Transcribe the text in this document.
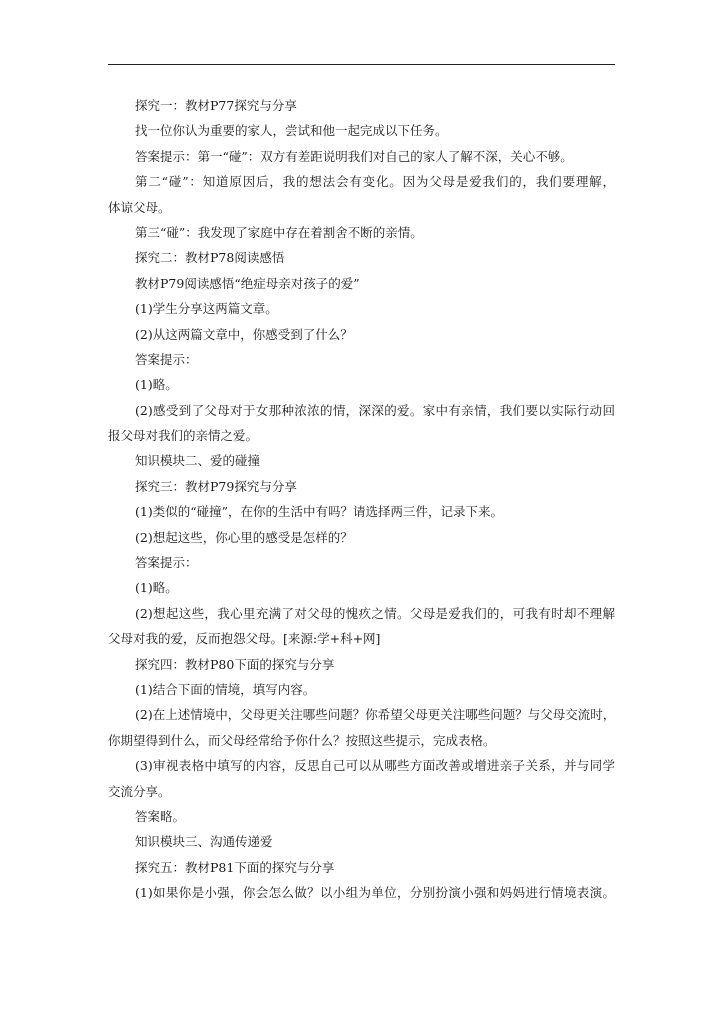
探究一：教材P77探究与分享
找一位你认为重要的家人，尝试和他一起完成以下任务。
答案提示：第一“碰”：双方有差距说明我们对自己的家人了解不深，关心不够。
第二“碰”：知道原因后，我的想法会有变化。因为父母是爱我们的，我们要理解，
体谅父母。
第三“碰”：我发现了家庭中存在着割舍不断的亲情。
探究二：教材P78阅读感悟
教材P79阅读感悟“绝症母亲对孩子的爱”
(1)学生分享这两篇文章。
(2)从这两篇文章中，你感受到了什么？
答案提示：
(1)略。
(2)感受到了父母对于女那种浓浓的情，深深的爱。家中有亲情，我们要以实际行动回
报父母对我们的亲情之爱。
知识模块二、爱的碰撞
探究三：教材P79探究与分享
(1)类似的“碰撞”，在你的生活中有吗？请选择两三件，记录下来。
(2)想起这些，你心里的感受是怎样的？
答案提示：
(1)略。
(2)想起这些，我心里充满了对父母的愧疚之情。父母是爱我们的，可我有时却不理解
父母对我的爱，反而抱怨父母。[来源:学+科+网]
探究四：教材P80下面的探究与分享
(1)结合下面的情境，填写内容。
(2)在上述情境中，父母更关注哪些问题？你希望父母更关注哪些问题？与父母交流时，
你期望得到什么，而父母经常给予你什么？按照这些提示，完成表格。
(3)审视表格中填写的内容，反思自己可以从哪些方面改善或增进亲子关系，并与同学
交流分享。
答案略。
知识模块三、沟通传递爱
探究五：教材P81下面的探究与分享
(1)如果你是小强，你会怎么做？以小组为单位，分别扮演小强和妈妈进行情境表演。
